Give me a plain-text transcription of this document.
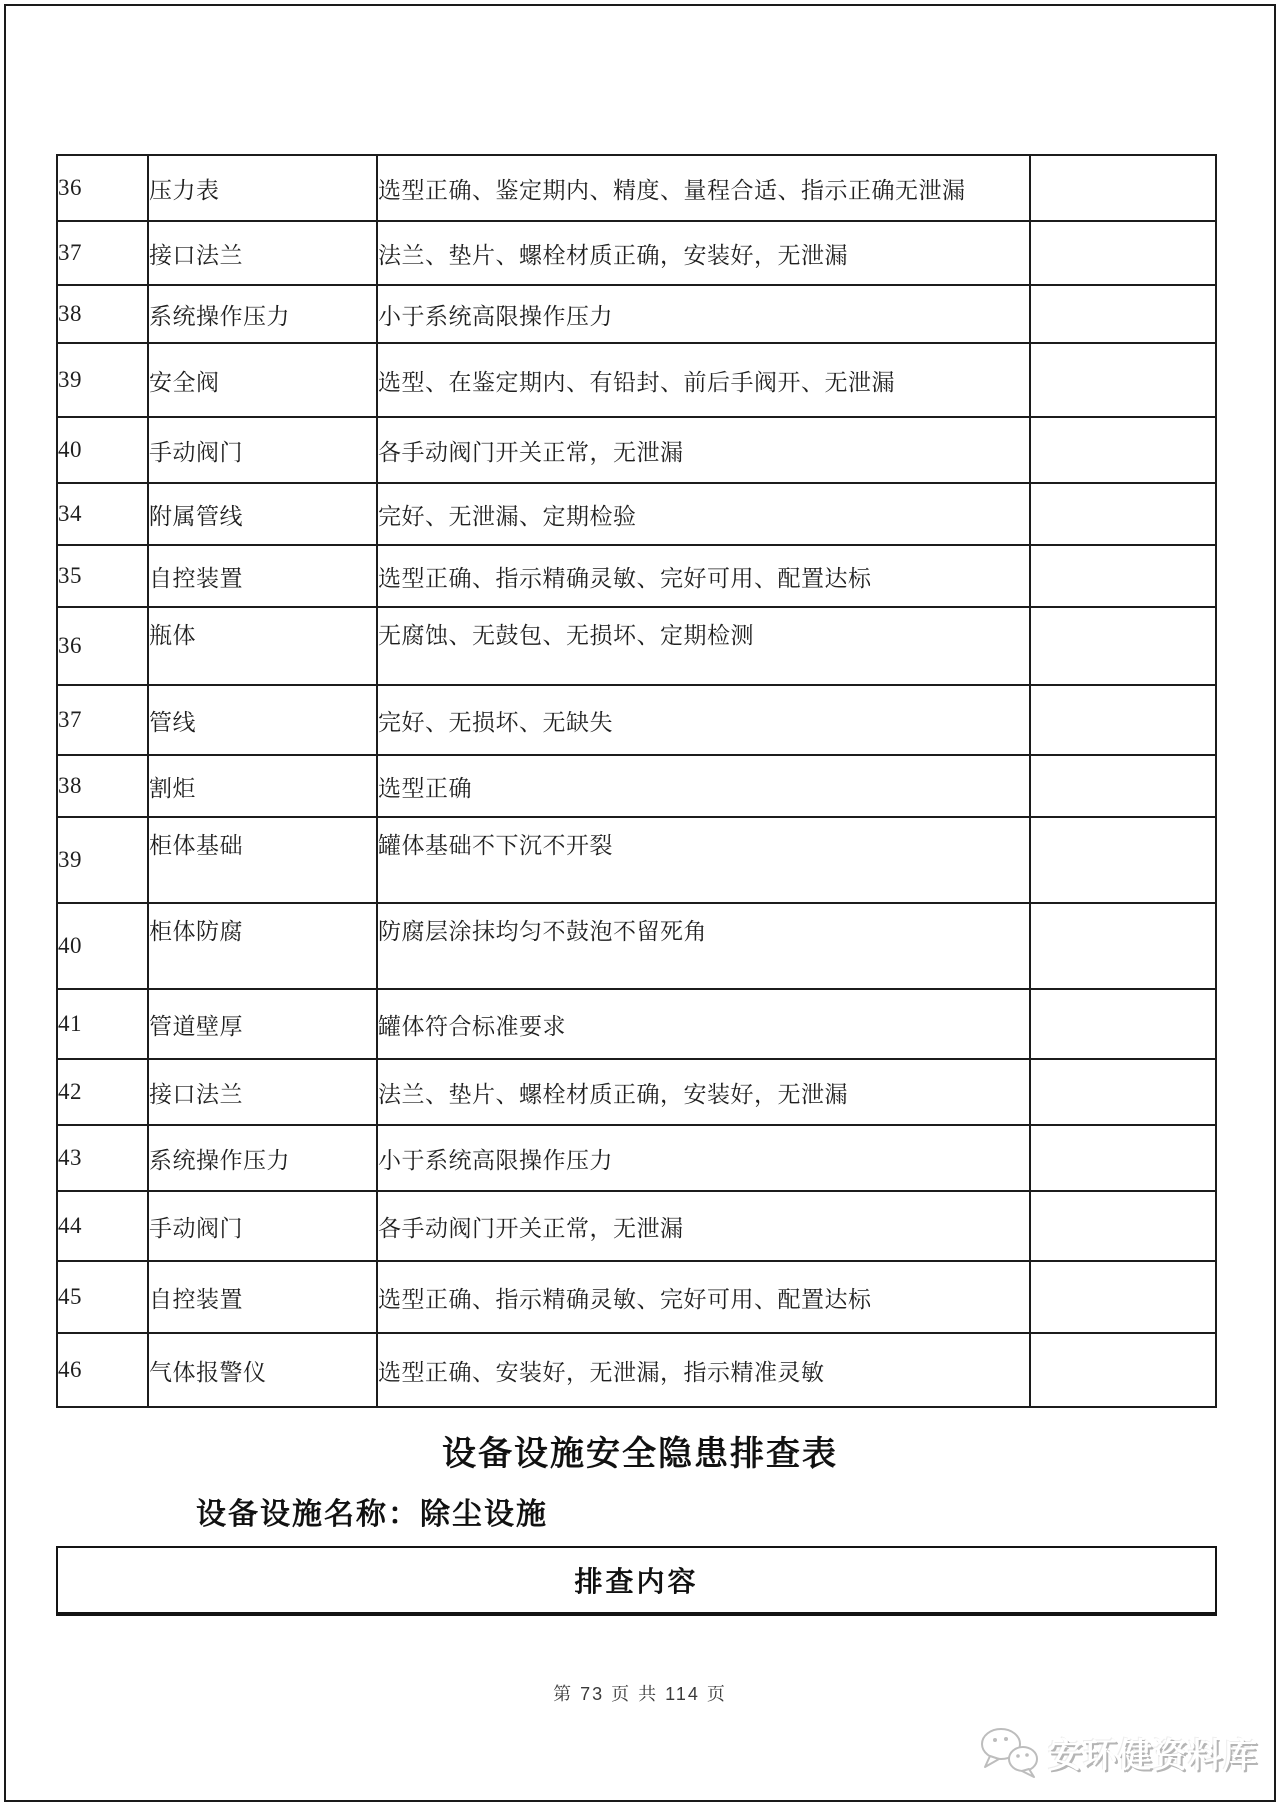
36	压力表	选型正确、鉴定期内、精度、量程合适、指示正确无泄漏	
37	接口法兰	法兰、垫片、螺栓材质正确，安装好，无泄漏	
38	系统操作压力	小于系统高限操作压力	
39	安全阀	选型、在鉴定期内、有铅封、前后手阀开、无泄漏	
40	手动阀门	各手动阀门开关正常，无泄漏	
34	附属管线	完好、无泄漏、定期检验	
35	自控装置	选型正确、指示精确灵敏、完好可用、配置达标	
36	瓶体	无腐蚀、无鼓包、无损坏、定期检测	
37	管线	完好、无损坏、无缺失	
38	割炬	选型正确	
39	柜体基础	罐体基础不下沉不开裂	
40	柜体防腐	防腐层涂抹均匀不鼓泡不留死角	
41	管道壁厚	罐体符合标准要求	
42	接口法兰	法兰、垫片、螺栓材质正确，安装好，无泄漏	
43	系统操作压力	小于系统高限操作压力	
44	手动阀门	各手动阀门开关正常，无泄漏	
45	自控装置	选型正确、指示精确灵敏、完好可用、配置达标	
46	气体报警仪	选型正确、安装好，无泄漏，指示精准灵敏	
设备设施安全隐患排查表
设备设施名称：除尘设施
排查内容
第 73 页 共 114 页
安环健资料库
